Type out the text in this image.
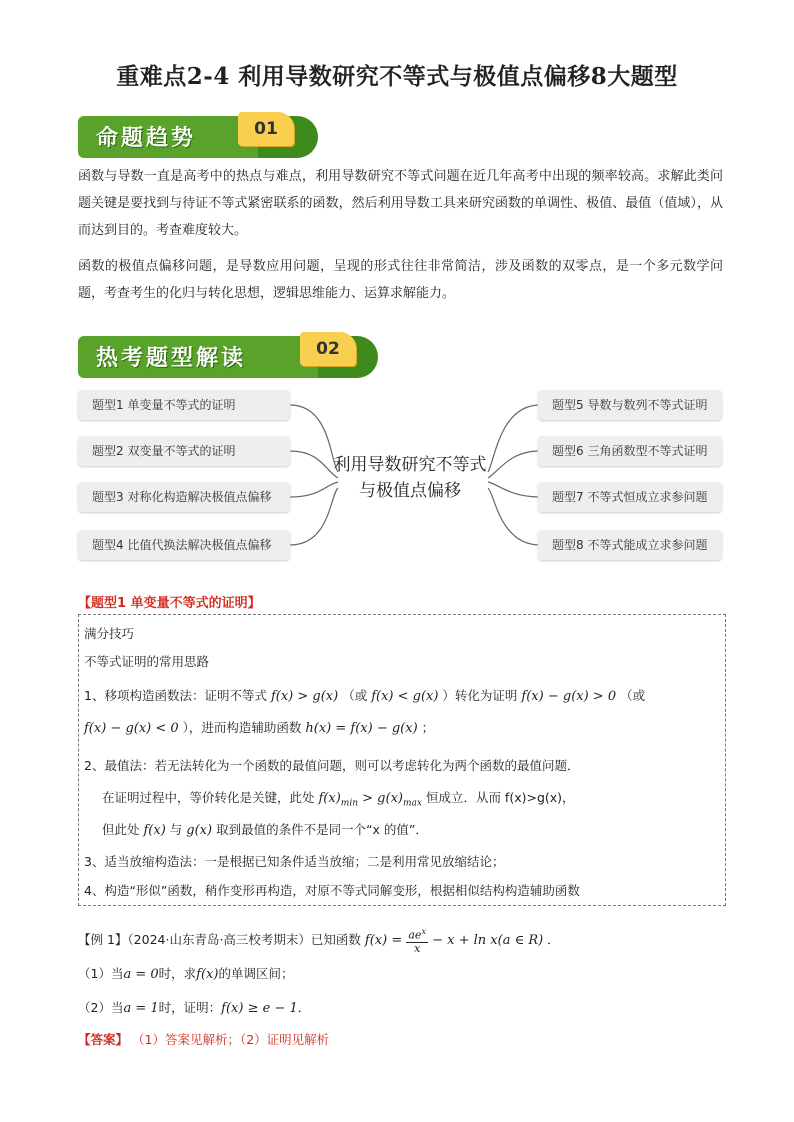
重难点2-4 利用导数研究不等式与极值点偏移8大题型
命题趋势	01
函数与导数一直是高考中的热点与难点，利用导数研究不等式问题在近几年高考中出现的频率较高。求解此类问题关键是要找到与待证不等式紧密联系的函数，然后利用导数工具来研究函数的单调性、极值、最值（值域），从而达到目的。考查难度较大。
函数的极值点偏移问题，是导数应用问题，呈现的形式往往非常简洁，涉及函数的双零点，是一个多元数学问题，考查考生的化归与转化思想，逻辑思维能力、运算求解能力。
热考题型解读	02
题型1 单变量不等式的证明
题型2 双变量不等式的证明
题型3 对称化构造解决极值点偏移
题型4 比值代换法解决极值点偏移
题型5 导数与数列不等式证明
题型6 三角函数型不等式证明
题型7 不等式恒成立求参问题
题型8 不等式能成立求参问题
利用导数研究不等式与极值点偏移
【题型1 单变量不等式的证明】
满分技巧
不等式证明的常用思路
1、移项构造函数法：证明不等式 f(x) > g(x) （或 f(x) < g(x) ）转化为证明 f(x) − g(x) > 0 （或
f(x) − g(x) < 0 ），进而构造辅助函数 h(x) = f(x) − g(x) ；
2、最值法：若无法转化为一个函数的最值问题，则可以考虑转化为两个函数的最值问题．
在证明过程中，等价转化是关键，此处 $f(x)_{min} > g(x)_{max}$ 恒成立．从而 f(x)>g(x)，
但此处 f(x) 与 g(x) 取到最值的条件不是同一个“x 的值”．
3、适当放缩构造法：一是根据已知条件适当放缩；二是利用常见放缩结论；
4、构造“形似”函数，稍作变形再构造，对原不等式同解变形，根据相似结构构造辅助函数
【例 1】（2024·山东青岛·高三校考期末）已知函数 $f(x) = ae^x$
x
− x + ln x(a ∈ R) ．
（1）当a = 0时，求f(x)的单调区间；
（2）当a = 1时，证明：f(x) ≥ e − 1．
【答案】 （1）答案见解析；（2）证明见解析
